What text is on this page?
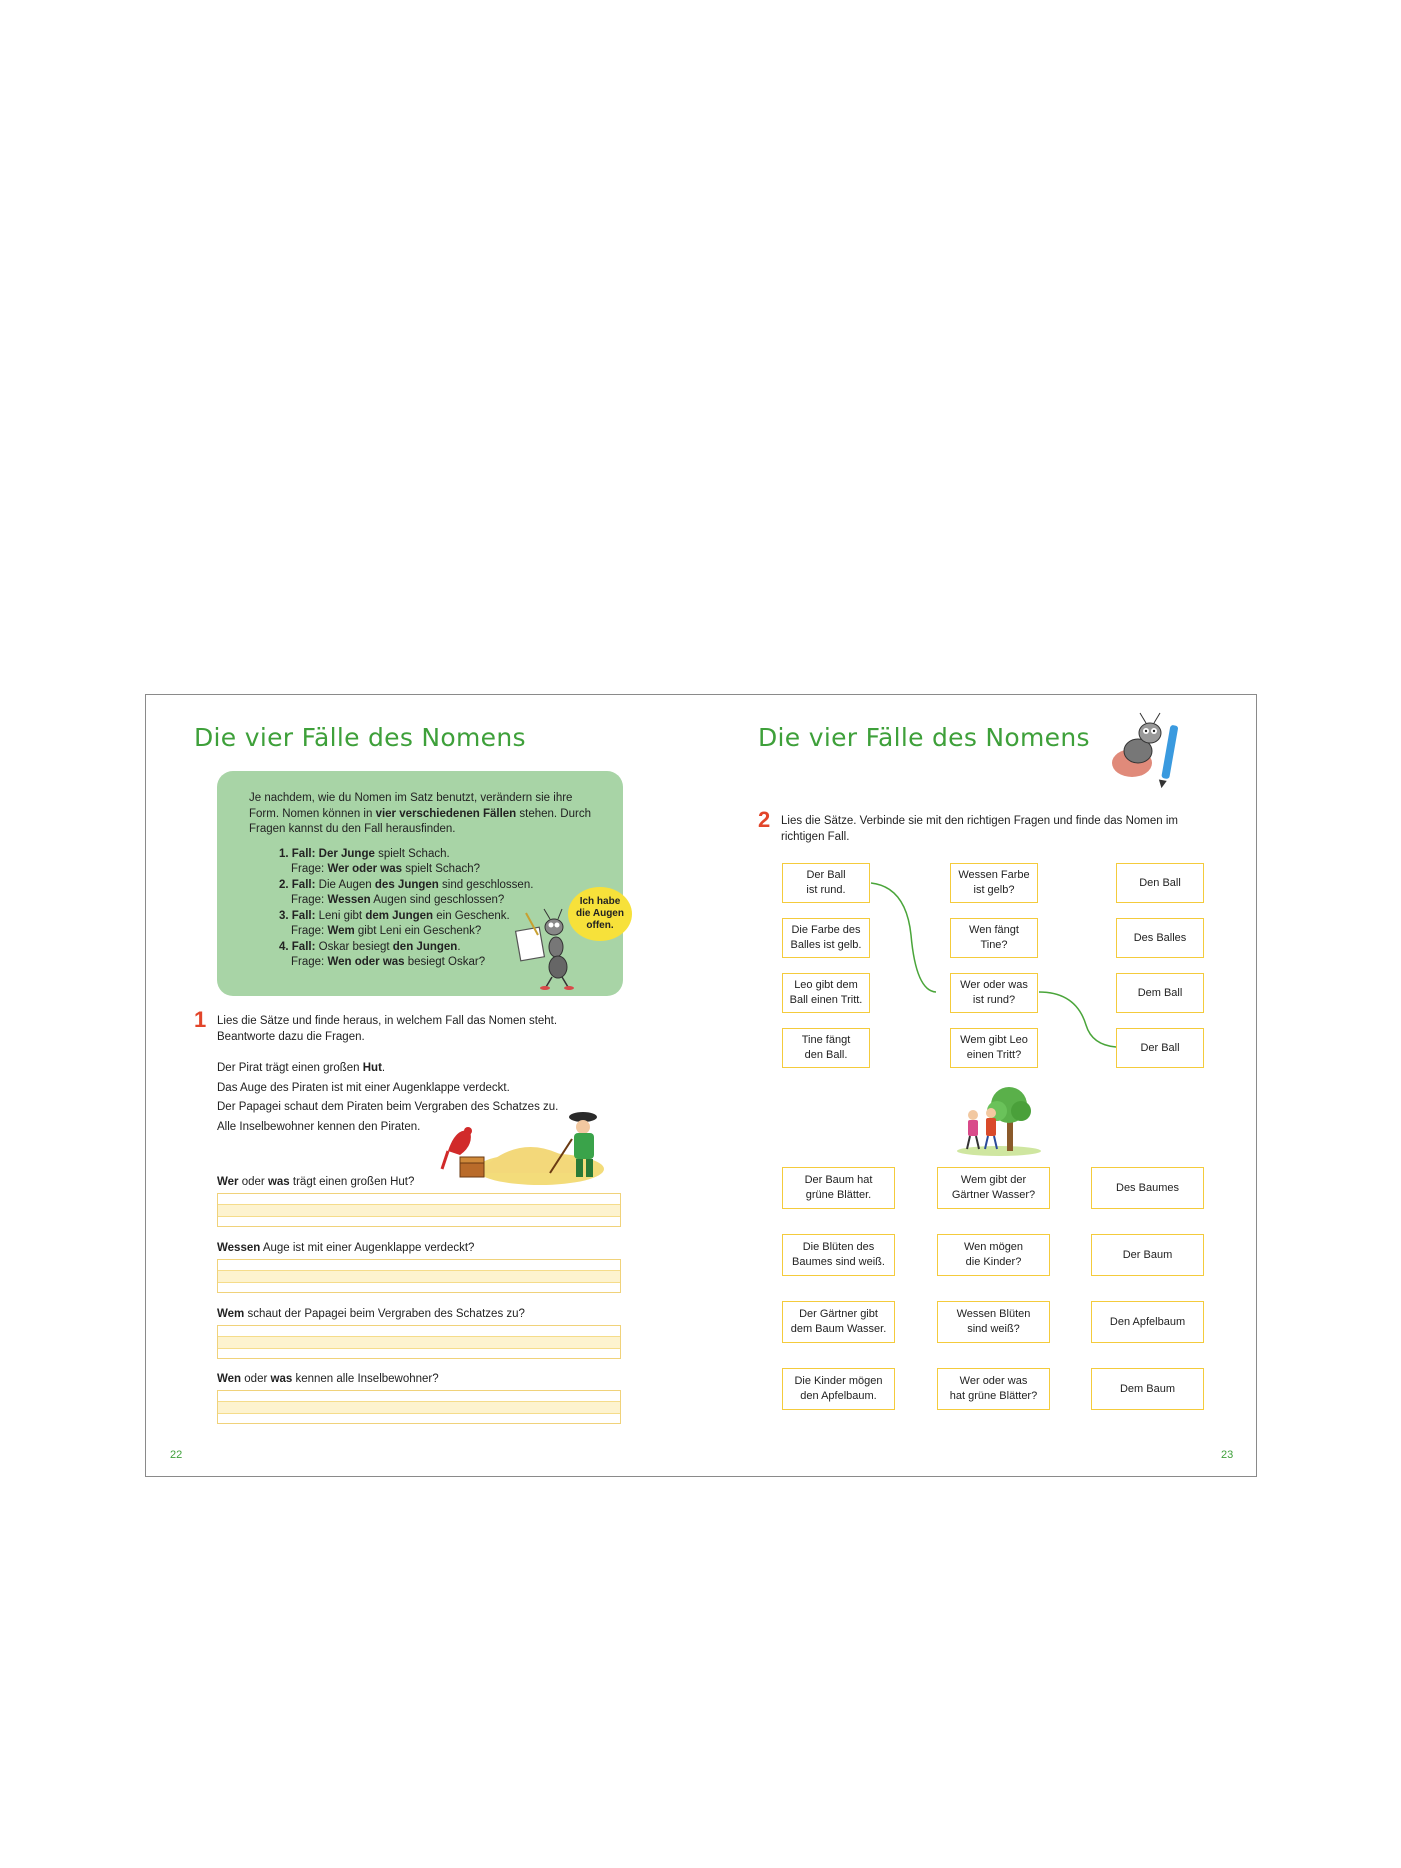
Die vier Fälle des Nomens

Je nachdem, wie du Nomen im Satz benutzt, verändern sie ihre Form. Nomen können in vier verschiedenen Fällen stehen. Durch Fragen kannst du den Fall herausfinden.

1. Fall: Der Junge spielt Schach.
Frage: Wer oder was spielt Schach?
2. Fall: Die Augen des Jungen sind geschlossen.
Frage: Wessen Augen sind geschlossen?
3. Fall: Leni gibt dem Jungen ein Geschenk.
Frage: Wem gibt Leni ein Geschenk?
4. Fall: Oskar besiegt den Jungen.
Frage: Wen oder was besiegt Oskar?
Ich habe
die Augen
offen.
1 Lies die Sätze und finde heraus, in welchem Fall das Nomen steht.
Beantworte dazu die Fragen.
Der Pirat trägt einen großen Hut.
Das Auge des Piraten ist mit einer Augenklappe verdeckt.
Der Papagei schaut dem Piraten beim Vergraben des Schatzes zu.
Alle Inselbewohner kennen den Piraten.
Wer oder was trägt einen großen Hut?
Wessen Auge ist mit einer Augenklappe verdeckt?
Wem schaut der Papagei beim Vergraben des Schatzes zu?
Wen oder was kennen alle Inselbewohner?
22
Die vier Fälle des Nomens
2 Lies die Sätze. Verbinde sie mit den richtigen Fragen und finde das Nomen im
richtigen Fall.
Der Ball
ist rund.
Die Farbe des
Balles ist gelb.
Leo gibt dem
Ball einen Tritt.
Tine fängt
den Ball.
Wessen Farbe
ist gelb?
Wen fängt
Tine?
Wer oder was
ist rund?
Wem gibt Leo
einen Tritt?
Den Ball
Des Balles
Dem Ball
Der Ball
Der Baum hat
grüne Blätter.
Die Blüten des
Baumes sind weiß.
Der Gärtner gibt
dem Baum Wasser.
Die Kinder mögen
den Apfelbaum.
Wem gibt der
Gärtner Wasser?
Wen mögen
die Kinder?
Wessen Blüten
sind weiß?
Wer oder was
hat grüne Blätter?
Des Baumes
Der Baum
Den Apfelbaum
Dem Baum
23
